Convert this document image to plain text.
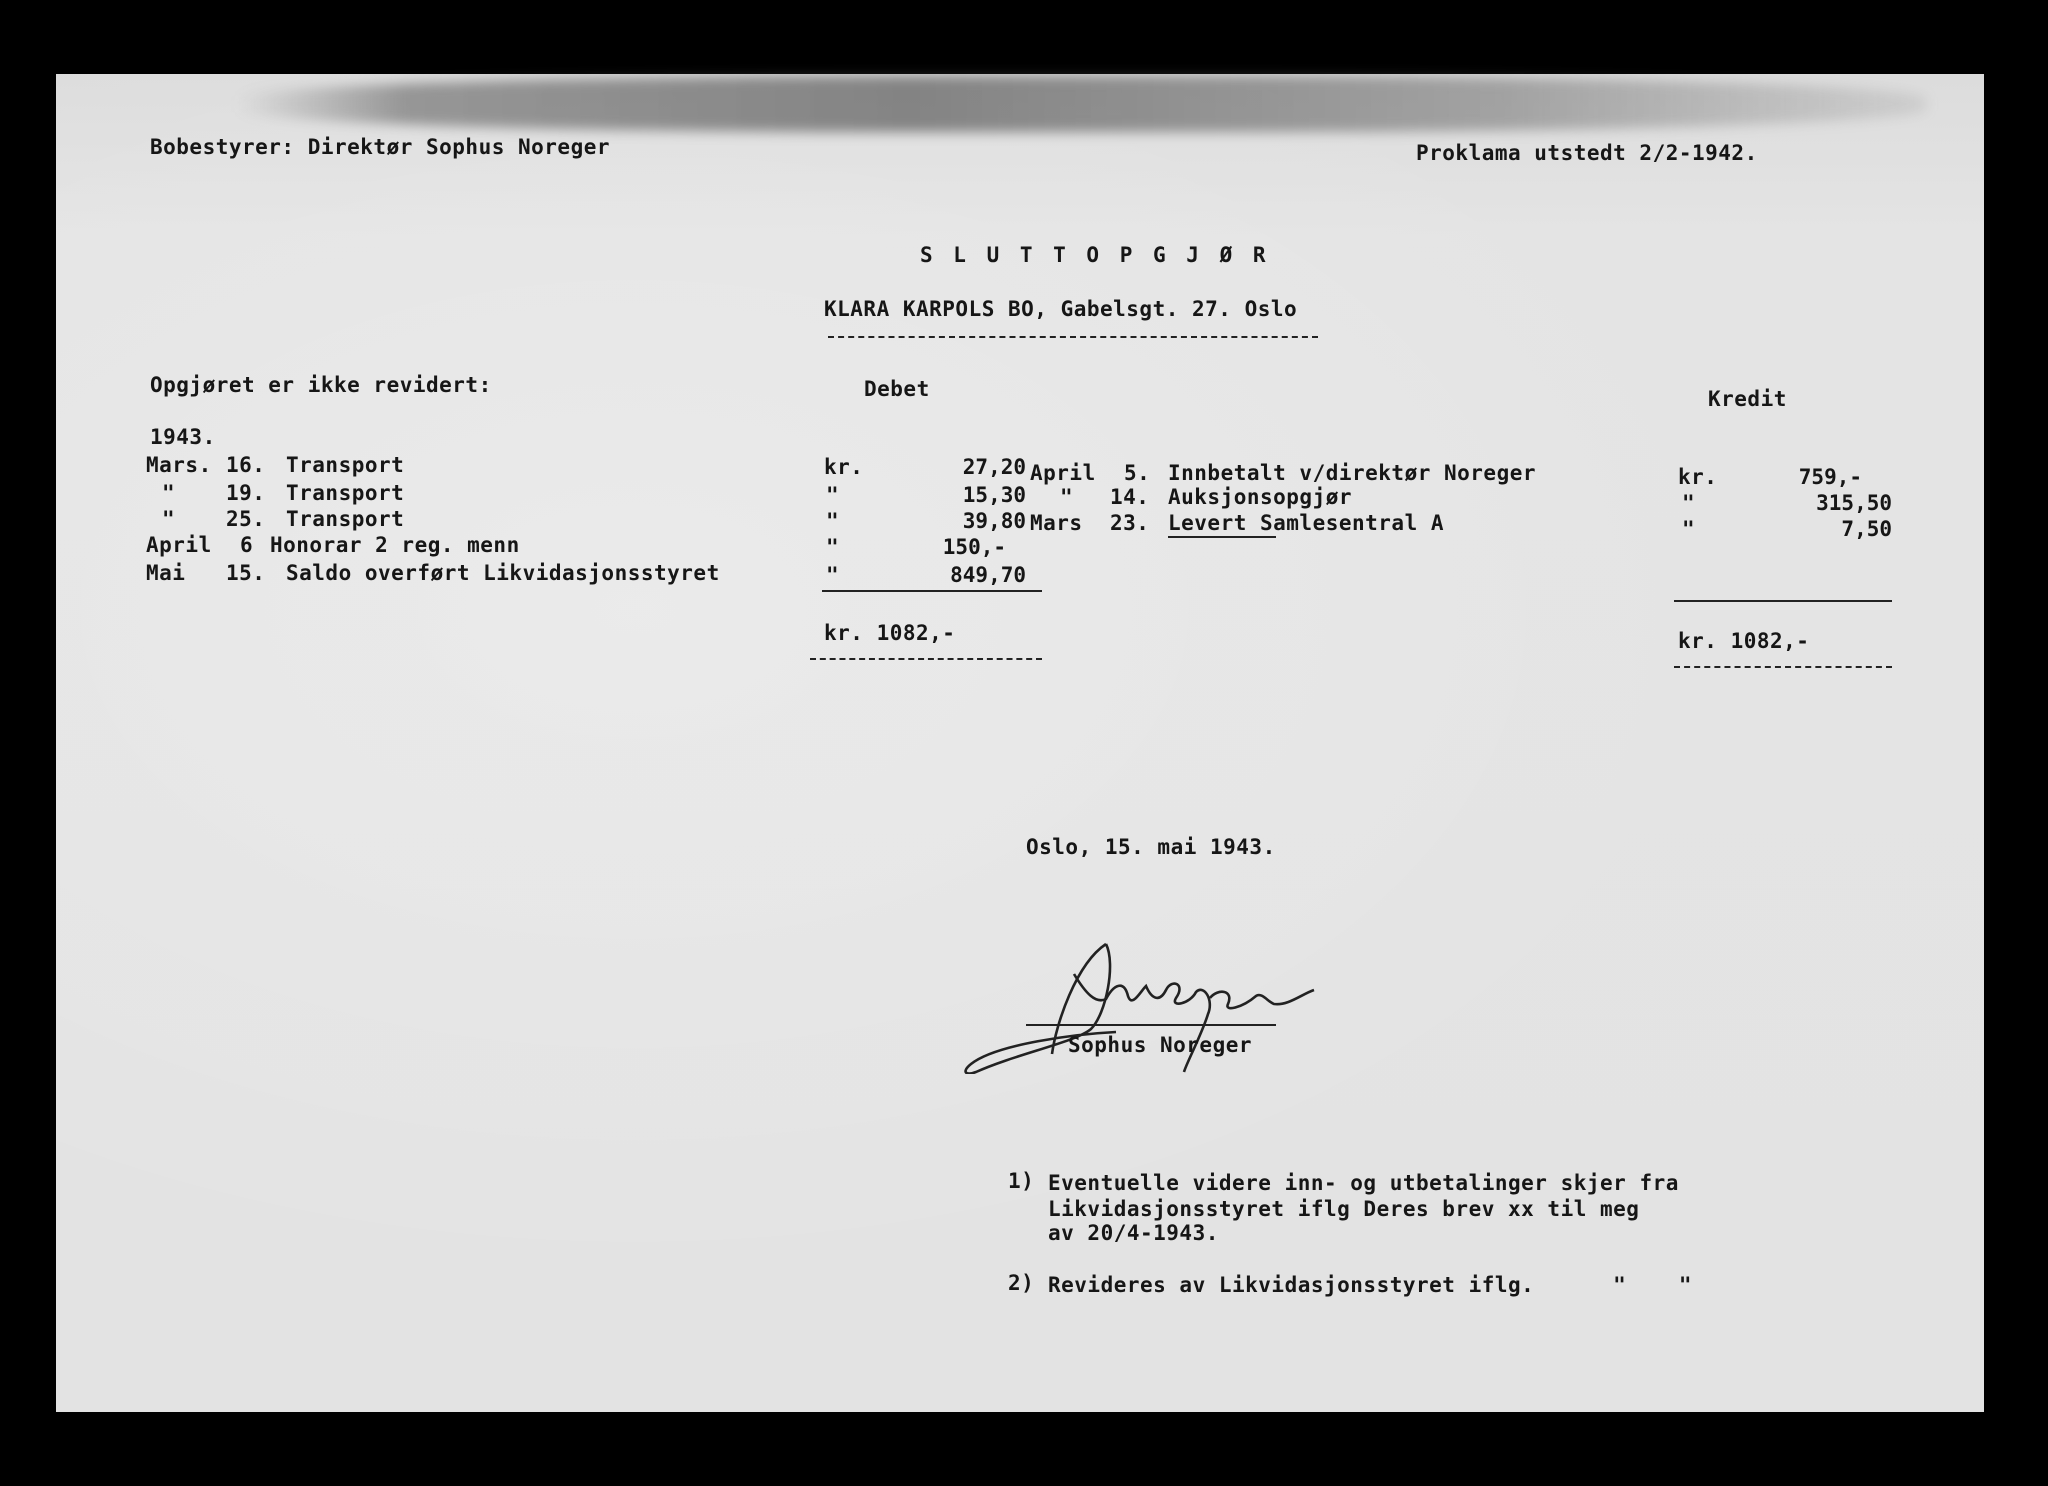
Bobestyrer: Direktør Sophus Noreger	Proklama utstedt 2/2-1942.
S L U T T O P G J Ø R
KLARA KARPOLS BO, Gabelsgt. 27. Oslo
Opgjøret er ikke revidert:	Debet	Kredit
1943.
Mars. 16. Transport	kr.	27,20
" 19. Transport	"	15,30
" 25. Transport	"	39,80
April 6 Honorar 2 reg. menn	"	150,-
Mai 15. Saldo overført Likvidasjonsstyret	"	849,70
kr. 1082,-
April 5. Innbetalt v/direktør Noreger	kr.	759,-
" 14. Auksjonsopgjør	"	315,50
Mars 23. Levert Samlesentral A	"	7,50
kr. 1082,-
Oslo, 15. mai 1943.
Sophus Noreger
1) Eventuelle videre inn- og utbetalinger skjer fra
Likvidasjonsstyret iflg Deres brev xx til meg
av 20/4-1943.
2) Revideres av Likvidasjonsstyret iflg.      "    "
